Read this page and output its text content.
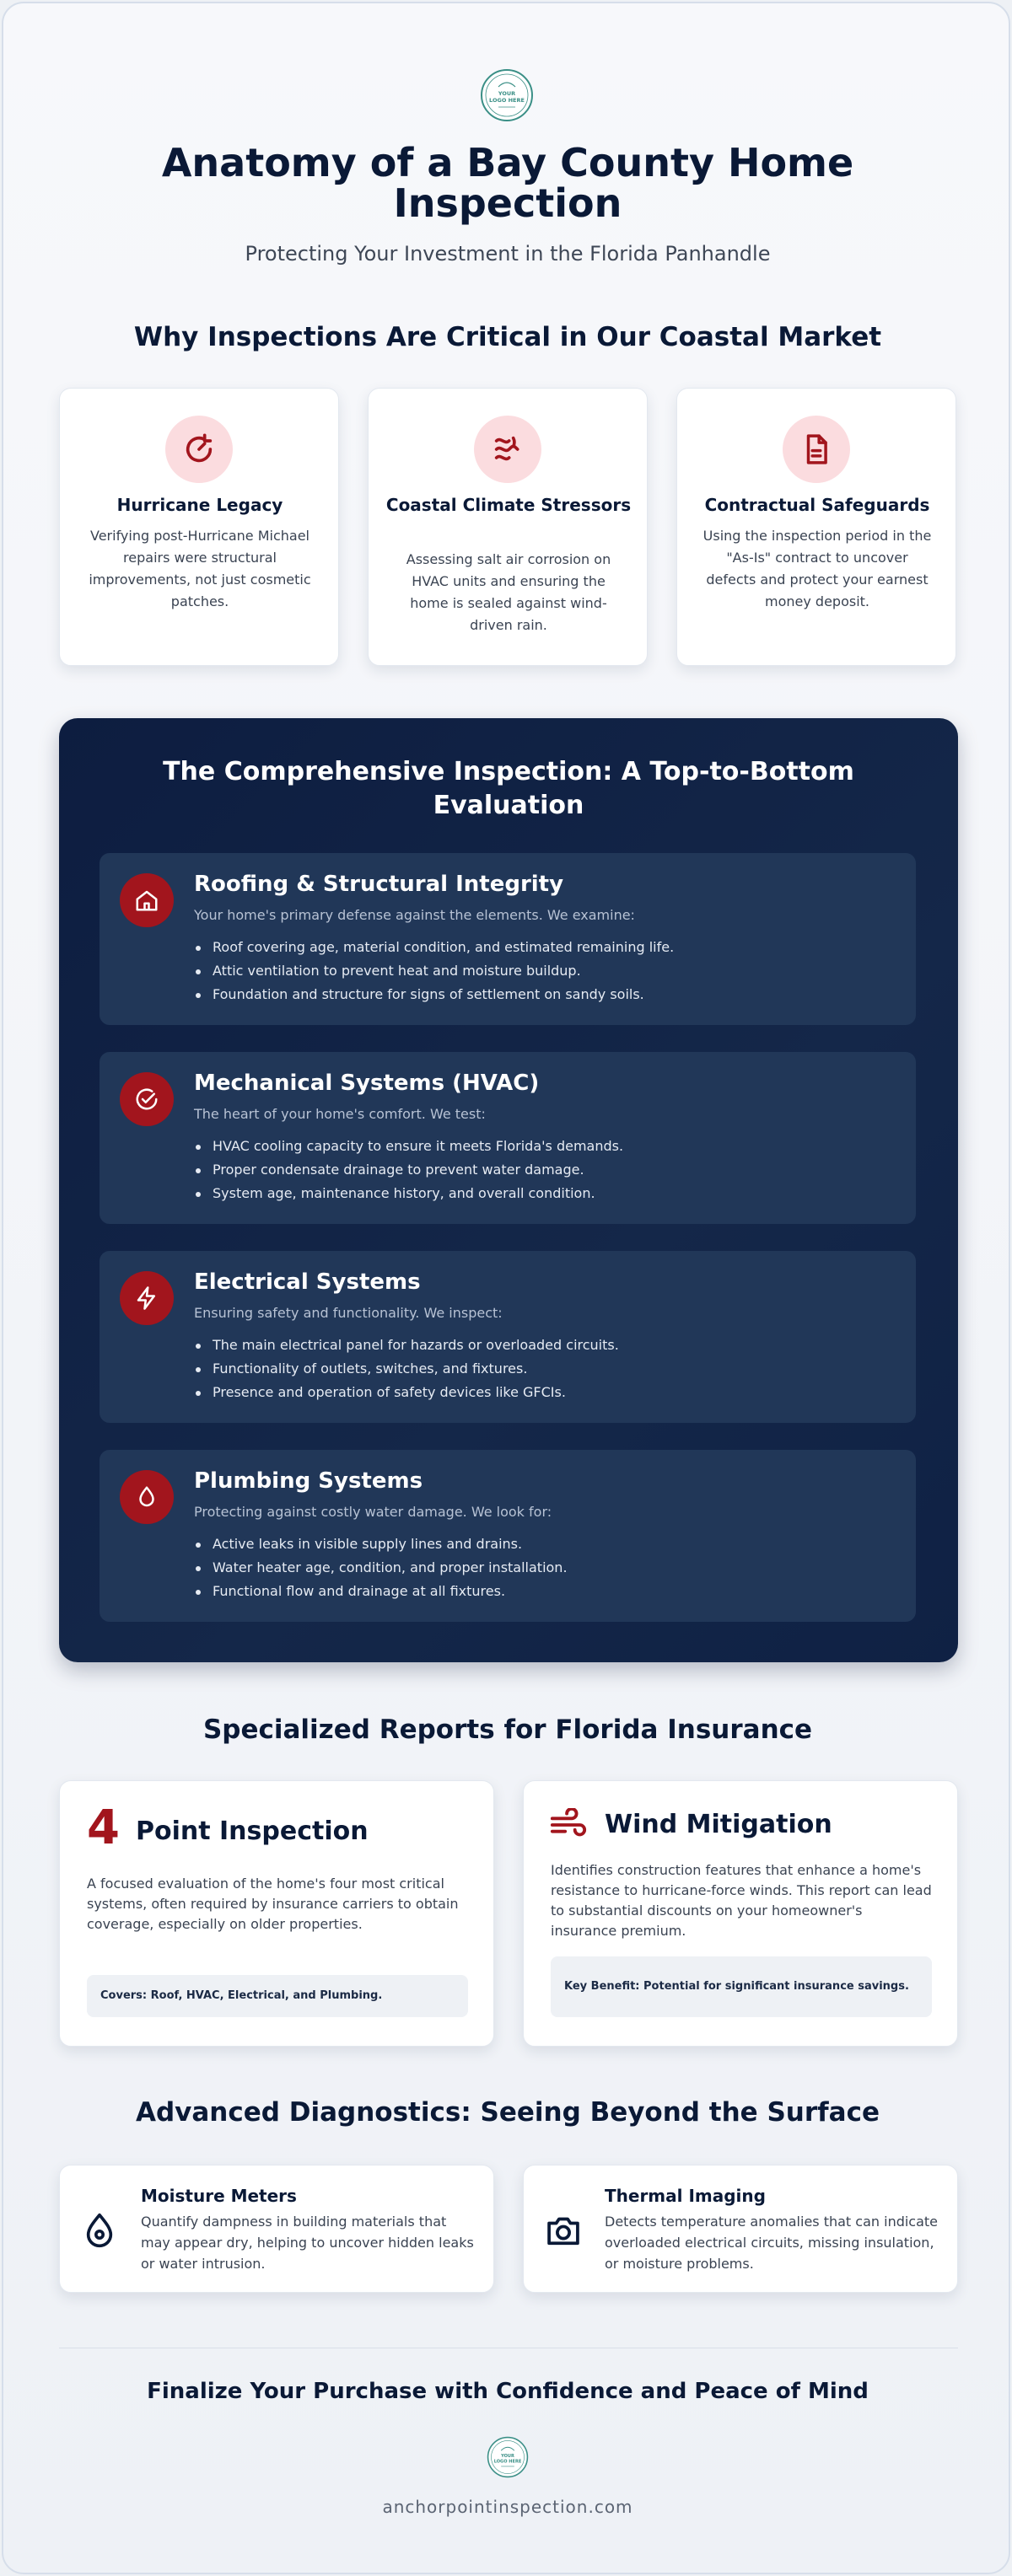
YOUR
LOGO HERE
Anatomy of a Bay County Home Inspection
Protecting Your Investment in the Florida Panhandle
Why Inspections Are Critical in Our Coastal Market
Hurricane Legacy
Verifying post-Hurricane Michael repairs were structural improvements, not just cosmetic patches.
Coastal Climate Stressors
Assessing salt air corrosion on HVAC units and ensuring the home is sealed against wind-driven rain.
Contractual Safeguards
Using the inspection period in the "As-Is" contract to uncover defects and protect your earnest money deposit.
The Comprehensive Inspection: A Top-to-Bottom Evaluation
Roofing & Structural Integrity
Your home's primary defense against the elements. We examine:
Roof covering age, material condition, and estimated remaining life.
Attic ventilation to prevent heat and moisture buildup.
Foundation and structure for signs of settlement on sandy soils.
Mechanical Systems (HVAC)
The heart of your home's comfort. We test:
HVAC cooling capacity to ensure it meets Florida's demands.
Proper condensate drainage to prevent water damage.
System age, maintenance history, and overall condition.
Electrical Systems
Ensuring safety and functionality. We inspect:
The main electrical panel for hazards or overloaded circuits.
Functionality of outlets, switches, and fixtures.
Presence and operation of safety devices like GFCIs.
Plumbing Systems
Protecting against costly water damage. We look for:
Active leaks in visible supply lines and drains.
Water heater age, condition, and proper installation.
Functional flow and drainage at all fixtures.
Specialized Reports for Florida Insurance
4 Point Inspection
A focused evaluation of the home's four most critical systems, often required by insurance carriers to obtain coverage, especially on older properties.
Covers: Roof, HVAC, Electrical, and Plumbing.
Wind Mitigation
Identifies construction features that enhance a home's resistance to hurricane-force winds. This report can lead to substantial discounts on your homeowner's insurance premium.
Key Benefit: Potential for significant insurance savings.
Advanced Diagnostics: Seeing Beyond the Surface
Moisture Meters
Quantify dampness in building materials that may appear dry, helping to uncover hidden leaks or water intrusion.
Thermal Imaging
Detects temperature anomalies that can indicate overloaded electrical circuits, missing insulation, or moisture problems.
Finalize Your Purchase with Confidence and Peace of Mind
YOUR
LOGO HERE
anchorpointinspection.com
